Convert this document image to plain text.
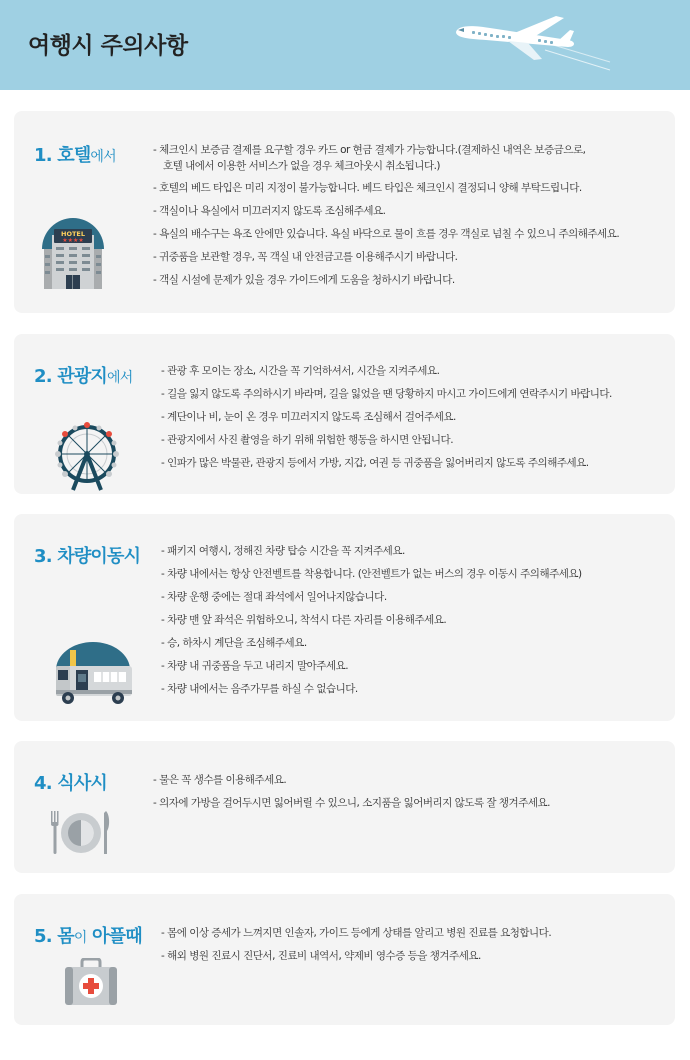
여행시 주의사항
1. 호텔에서
HOTEL
★★★★
- 체크인시 보증금 결제를 요구할 경우 카드 or 현금 결제가 가능합니다.(결제하신 내역은 보증금으로,
호텔 내에서 이용한 서비스가 없을 경우 체크아웃시 취소됩니다.)
- 호텔의 베드 타입은 미리 지정이 불가능합니다. 베드 타입은 체크인시 결정되니 양해 부탁드립니다.
- 객실이나 욕실에서 미끄러지지 않도록 조심해주세요.
- 욕실의 배수구는 욕조 안에만 있습니다. 욕실 바닥으로 물이 흐를 경우 객실로 넘칠 수 있으니 주의해주세요.
- 귀중품을 보관할 경우, 꼭 객실 내 안전금고를 이용해주시기 바랍니다.
- 객실 시설에 문제가 있을 경우 가이드에게 도움을 청하시기 바랍니다.
2. 관광지에서	- 관광 후 모이는 장소, 시간을 꼭 기억하셔서, 시간을 지켜주세요.
- 길을 잃지 않도록 주의하시기 바라며, 길을 잃었을 땐 당황하지 마시고 가이드에게 연락주시기 바랍니다.
- 계단이나 비, 눈이 온 경우 미끄러지지 않도록 조심해서 걸어주세요.
- 관광지에서 사진 촬영을 하기 위해 위험한 행동을 하시면 안됩니다.
- 인파가 많은 박물관, 관광지 등에서 가방, 지갑, 여권 등 귀중품을 잃어버리지 않도록 주의해주세요.
3. 차량이동시 - 패키지 여행시, 정해진 차량 탑승 시간을 꼭 지켜주세요.
- 차량 내에서는 항상 안전벨트를 착용합니다. (안전벨트가 없는 버스의 경우 이동시 주의해주세요)
- 차량 운행 중에는 절대 좌석에서 일어나지않습니다.
- 차량 맨 앞 좌석은 위험하오니, 착석시 다른 자리를 이용해주세요.
- 승, 하차시 계단을 조심해주세요.
- 차량 내 귀중품을 두고 내리지 말아주세요.
- 차량 내에서는 음주가무를 하실 수 없습니다.
4. 식사시	- 물은 꼭 생수를 이용해주세요.
- 의자에 가방을 걸어두시면 잃어버릴 수 있으니, 소지품을 잃어버리지 않도록 잘 챙겨주세요.
5. 몸이 아플때 - 몸에 이상 증세가 느껴지면 인솔자, 가이드 등에게 상태를 알리고 병원 진료를 요청합니다.
- 해외 병원 진료시 진단서, 진료비 내역서, 약제비 영수증 등을 챙겨주세요.
